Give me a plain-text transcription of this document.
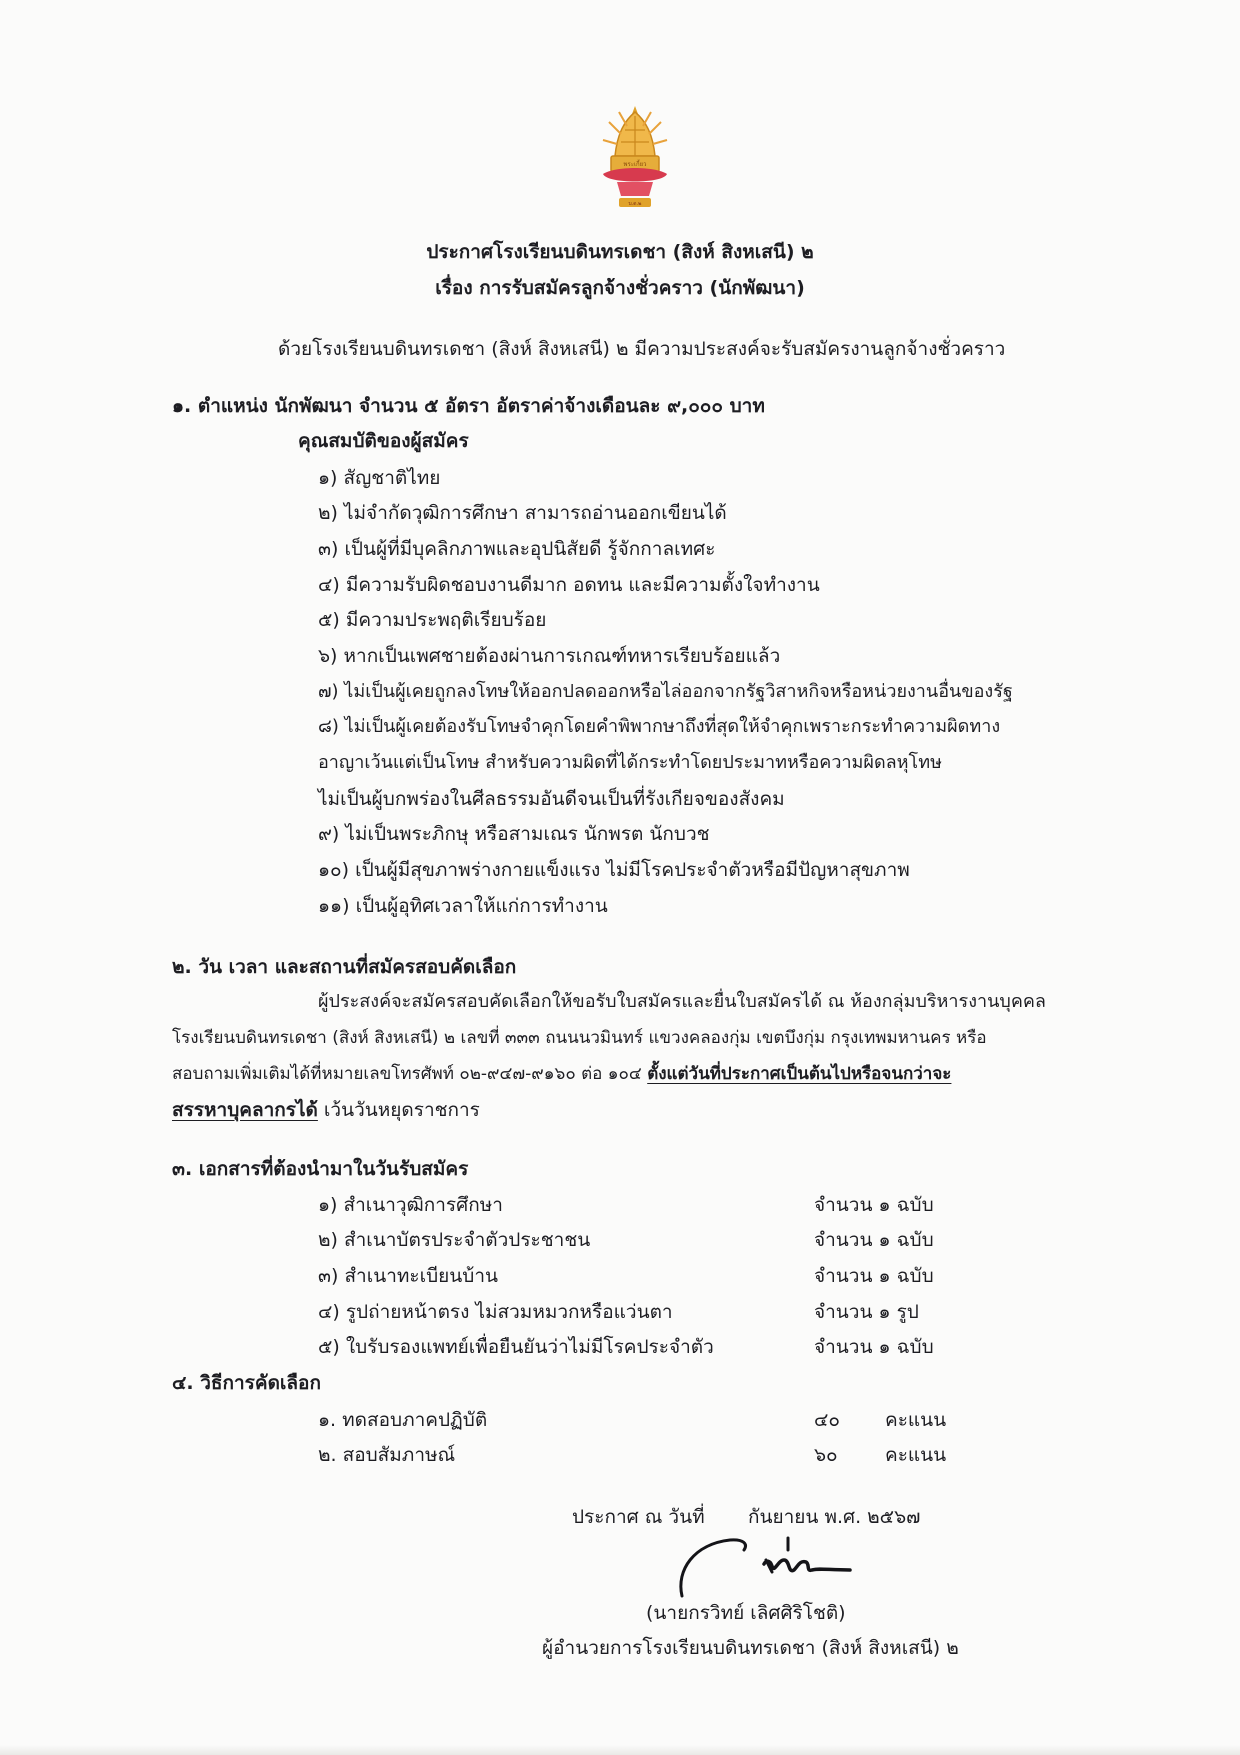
พระเกี้ยว
บ.ด.๒
ประกาศโรงเรียนบดินทรเดชา (สิงห์ สิงหเสนี) ๒
เรื่อง การรับสมัครลูกจ้างชั่วคราว (นักพัฒนา)
ด้วยโรงเรียนบดินทรเดชา (สิงห์ สิงหเสนี) ๒ มีความประสงค์จะรับสมัครงานลูกจ้างชั่วคราว
๑. ตำแหน่ง นักพัฒนา จำนวน ๕ อัตรา อัตราค่าจ้างเดือนละ ๙,๐๐๐ บาท
คุณสมบัติของผู้สมัคร
๑) สัญชาติไทย
๒) ไม่จำกัดวุฒิการศึกษา สามารถอ่านออกเขียนได้
๓) เป็นผู้ที่มีบุคลิกภาพและอุปนิสัยดี รู้จักกาลเทศะ
๔) มีความรับผิดชอบงานดีมาก อดทน และมีความตั้งใจทำงาน
๕) มีความประพฤติเรียบร้อย
๖) หากเป็นเพศชายต้องผ่านการเกณฑ์ทหารเรียบร้อยแล้ว
๗) ไม่เป็นผู้เคยถูกลงโทษให้ออกปลดออกหรือไล่ออกจากรัฐวิสาหกิจหรือหน่วยงานอื่นของรัฐ
๘) ไม่เป็นผู้เคยต้องรับโทษจำคุกโดยคำพิพากษาถึงที่สุดให้จำคุกเพราะกระทำความผิดทาง
อาญาเว้นแต่เป็นโทษ สำหรับความผิดที่ได้กระทำโดยประมาทหรือความผิดลหุโทษ
ไม่เป็นผู้บกพร่องในศีลธรรมอันดีจนเป็นที่รังเกียจของสังคม
๙) ไม่เป็นพระภิกษุ หรือสามเณร นักพรต นักบวช
๑๐) เป็นผู้มีสุขภาพร่างกายแข็งแรง ไม่มีโรคประจำตัวหรือมีปัญหาสุขภาพ
๑๑) เป็นผู้อุทิศเวลาให้แก่การทำงาน
๒. วัน เวลา และสถานที่สมัครสอบคัดเลือก
ผู้ประสงค์จะสมัครสอบคัดเลือกให้ขอรับใบสมัครและยื่นใบสมัครได้ ณ ห้องกลุ่มบริหารงานบุคคล
โรงเรียนบดินทรเดชา (สิงห์ สิงหเสนี) ๒ เลขที่ ๓๓๓ ถนนนวมินทร์ แขวงคลองกุ่ม เขตบึงกุ่ม กรุงเทพมหานคร หรือ
สอบถามเพิ่มเติมได้ที่หมายเลขโทรศัพท์ ๐๒-๙๔๗-๙๑๖๐ ต่อ ๑๐๔ ตั้งแต่วันที่ประกาศเป็นต้นไปหรือจนกว่าจะ
สรรหาบุคลากรได้ เว้นวันหยุดราชการ
๓. เอกสารที่ต้องนำมาในวันรับสมัคร
๑) สำเนาวุฒิการศึกษา	จำนวน ๑ ฉบับ
๒) สำเนาบัตรประจำตัวประชาชน	จำนวน ๑ ฉบับ
๓) สำเนาทะเบียนบ้าน	จำนวน ๑ ฉบับ
๔) รูปถ่ายหน้าตรง ไม่สวมหมวกหรือแว่นตา	จำนวน ๑ รูป
๕) ใบรับรองแพทย์เพื่อยืนยันว่าไม่มีโรคประจำตัว	จำนวน ๑ ฉบับ
๔. วิธีการคัดเลือก
๑. ทดสอบภาคปฏิบัติ	๔๐ คะแนน
๒. สอบสัมภาษณ์	๖๐ คะแนน
ประกาศ ณ วันที่ กันยายน พ.ศ. ๒๕๖๗
(นายกรวิทย์ เลิศศิริโชติ)
ผู้อำนวยการโรงเรียนบดินทรเดชา (สิงห์ สิงหเสนี) ๒
